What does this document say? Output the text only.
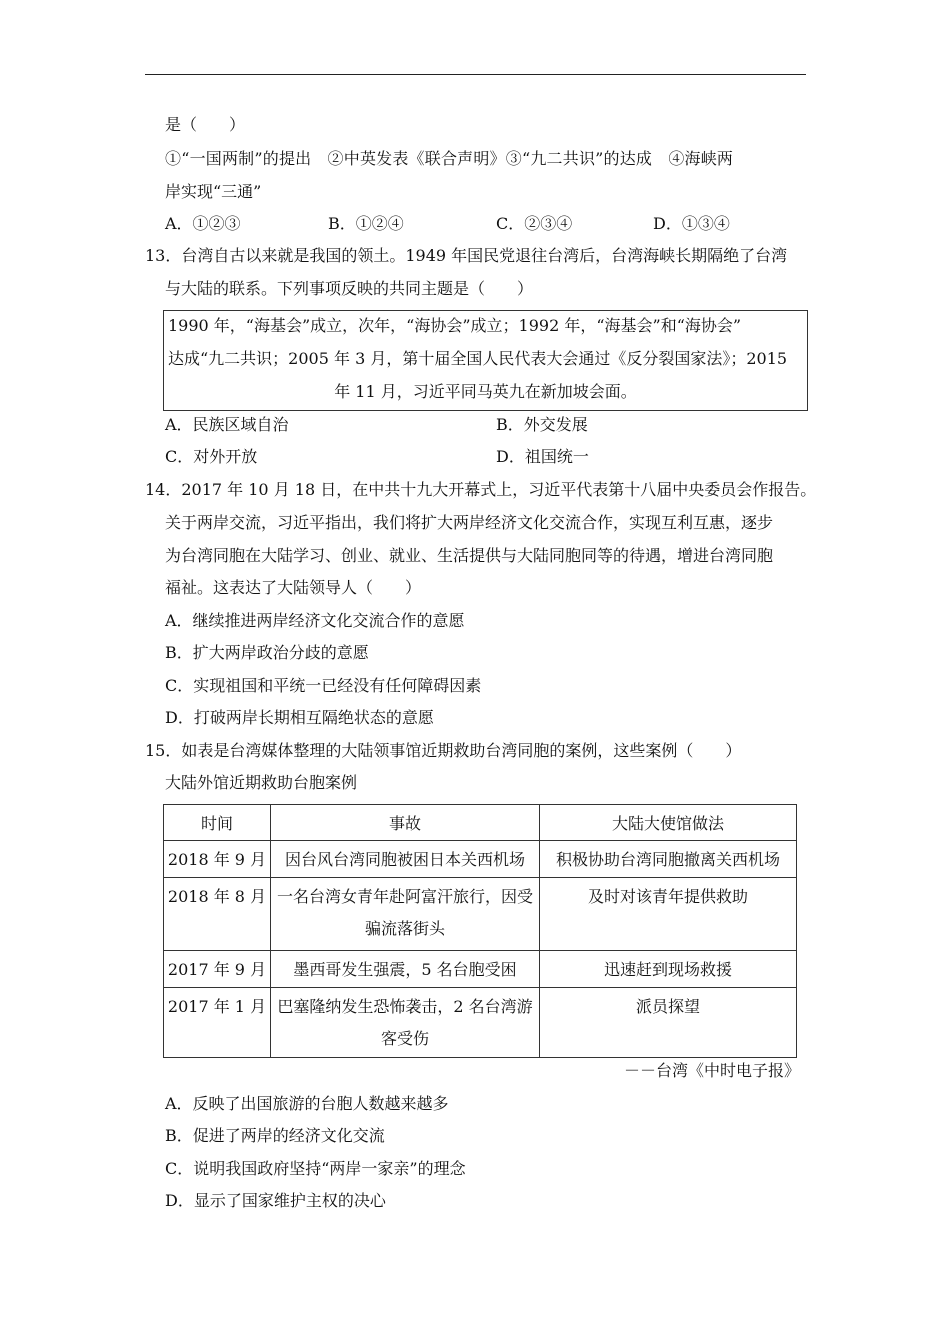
是（　　）
①“一国两制”的提出　②中英发表《联合声明》③“九二共识”的达成　④海峡两
岸实现“三通”
A．①②③	B．①②④	C．②③④	D．①③④
13．台湾自古以来就是我国的领土。1949 年国民党退往台湾后，台湾海峡长期隔绝了台湾
与大陆的联系。下列事项反映的共同主题是（　　）
1990 年，“海基会”成立，次年，“海协会”成立；1992 年，“海基会”和“海协会”
达成“九二共识；2005 年 3 月，第十届全国人民代表大会通过《反分裂国家法》；2015
年 11 月，习近平同马英九在新加坡会面。
A．民族区域自治	B．外交发展
C．对外开放	D．祖国统一
14．2017 年 10 月 18 日，在中共十九大开幕式上，习近平代表第十八届中央委员会作报告。
关于两岸交流，习近平指出，我们将扩大两岸经济文化交流合作，实现互利互惠，逐步
为台湾同胞在大陆学习、创业、就业、生活提供与大陆同胞同等的待遇，增进台湾同胞
福祉。这表达了大陆领导人（　　）
A．继续推进两岸经济文化交流合作的意愿
B．扩大两岸政治分歧的意愿
C．实现祖国和平统一已经没有任何障碍因素
D．打破两岸长期相互隔绝状态的意愿
15．如表是台湾媒体整理的大陆领事馆近期救助台湾同胞的案例，这些案例（　　）
大陆外馆近期救助台胞案例
时间	事故	大陆大使馆做法
2018 年 9 月	因台风台湾同胞被困日本关西机场	积极协助台湾同胞撤离关西机场
2018 年 8 月	一名台湾女青年赴阿富汗旅行，因受
骗流落街头	及时对该青年提供救助
2017 年 9 月	墨西哥发生强震，5 名台胞受困	迅速赶到现场救援
2017 年 1 月	巴塞隆纳发生恐怖袭击，2 名台湾游
客受伤	派员探望
－－台湾《中时电子报》
A．反映了出国旅游的台胞人数越来越多
B．促进了两岸的经济文化交流
C．说明我国政府坚持“两岸一家亲”的理念
D．显示了国家维护主权的决心
